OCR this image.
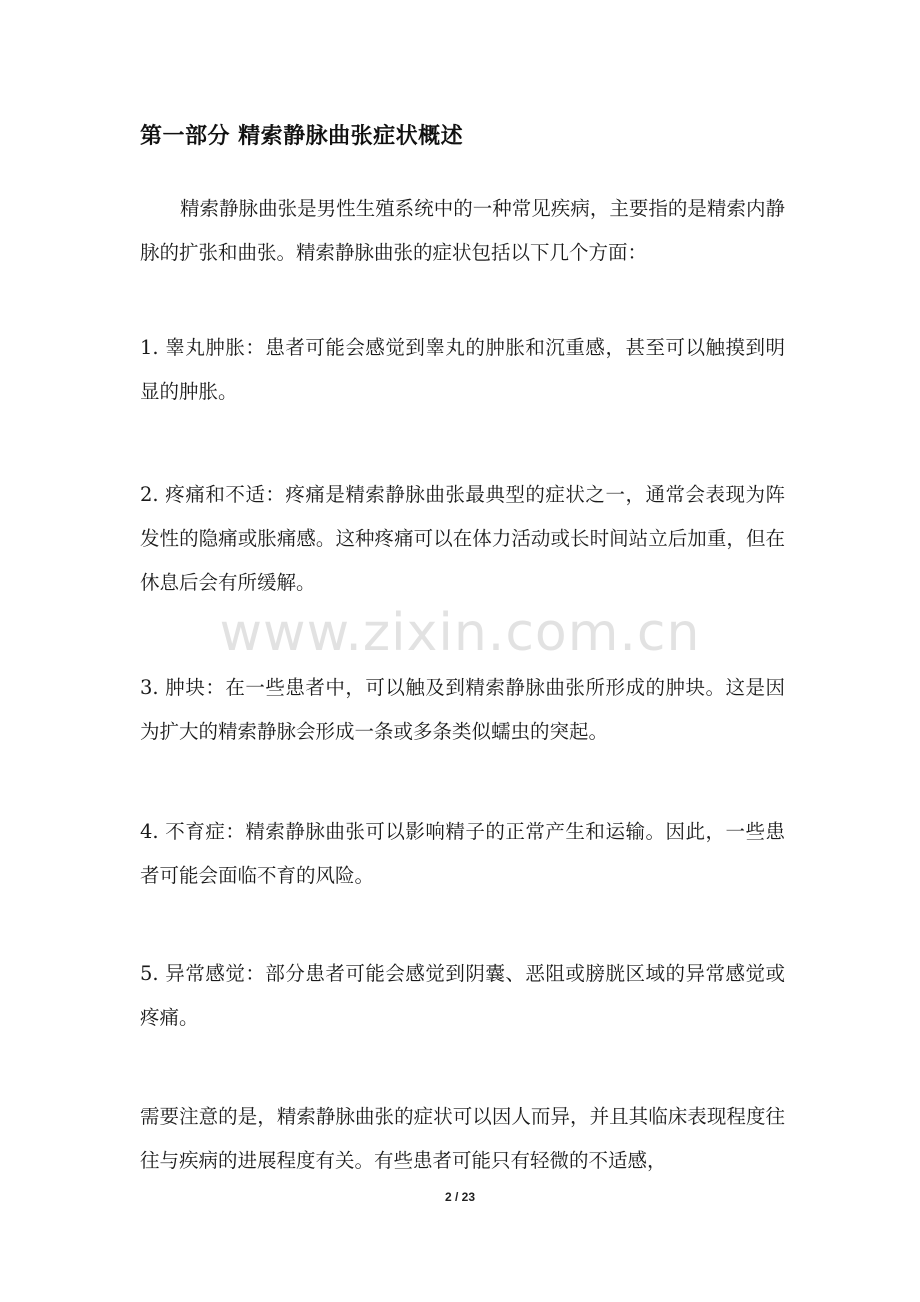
第一部分 精索静脉曲张症状概述
精索静脉曲张是男性生殖系统中的一种常见疾病，主要指的是精索内静脉的扩张和曲张。精索静脉曲张的症状包括以下几个方面：
1. 睾丸肿胀：患者可能会感觉到睾丸的肿胀和沉重感，甚至可以触摸到明显的肿胀。
2. 疼痛和不适：疼痛是精索静脉曲张最典型的症状之一，通常会表现为阵发性的隐痛或胀痛感。这种疼痛可以在体力活动或长时间站立后加重，但在休息后会有所缓解。
3. 肿块：在一些患者中，可以触及到精索静脉曲张所形成的肿块。这是因为扩大的精索静脉会形成一条或多条类似蠕虫的突起。
4. 不育症：精索静脉曲张可以影响精子的正常产生和运输。因此，一些患者可能会面临不育的风险。
5. 异常感觉：部分患者可能会感觉到阴囊、恶阻或膀胱区域的异常感觉或疼痛。
需要注意的是，精索静脉曲张的症状可以因人而异，并且其临床表现程度往往与疾病的进展程度有关。有些患者可能只有轻微的不适感，
www.zixin.com.cn
2 / 23
